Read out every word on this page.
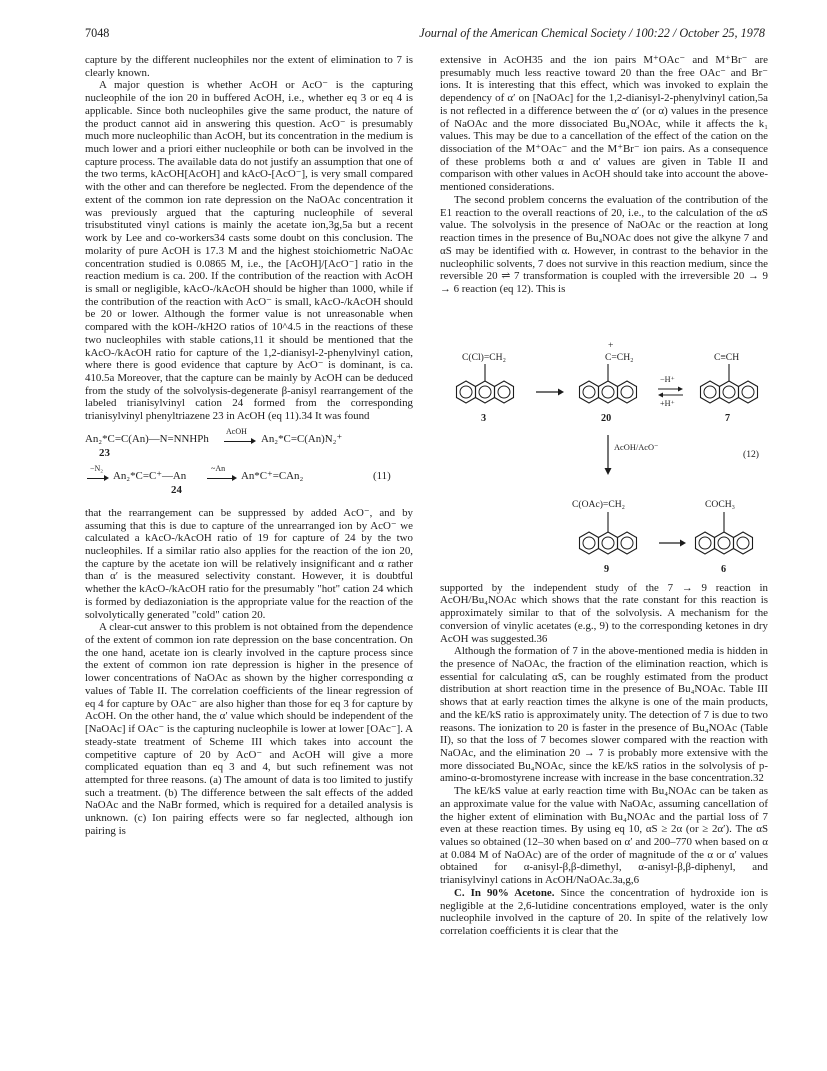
7048	Journal of the American Chemical Society / 100:22 / October 25, 1978

capture by the different nucleophiles nor the extent of elimination to 7 is clearly known.

A major question is whether AcOH or AcO⁻ is the capturing nucleophile of the ion 20 in buffered AcOH, i.e., whether eq 3 or eq 4 is applicable. Since both nucleophiles give the same product, the nature of the product cannot aid in answering this question. AcO⁻ is presumably much more nucleophilic than AcOH, but its concentration in the medium is much lower and a priori either nucleophile or both can be involved in the capture process. The available data do not justify an assumption that one of the two terms, kAcOH[AcOH] and kAcO-[AcO⁻], is very small compared with the other and can therefore be neglected. From the dependence of the extent of the common ion rate depression on the NaOAc concentration it was previously argued that the capturing nucleophile of several trisubstituted vinyl cations is mainly the acetate ion,3g,5a but a recent work by Lee and co-workers34 casts some doubt on this conclusion. The molarity of pure AcOH is 17.3 M and the highest stoichiometric NaOAc concentration studied is 0.0865 M, i.e., the [AcOH]/[AcO⁻] ratio in the reaction medium is ca. 200. If the contribution of the reaction with AcOH is small or negligible, kAcO-/kAcOH should be higher than 1000, while if the contribution of the reaction with AcO⁻ is small, kAcO-/kAcOH should be 20 or lower. Although the former value is not unreasonable when compared with the kOH-/kH2O ratios of 10^4.5 in the reactions of these two nucleophiles with stable cations,11 it should be mentioned that the kAcO-/kAcOH ratio for capture of the 1,2-dianisyl-2-phenylvinyl cation, where there is good evidence that capture by AcO⁻ is dominant, is ca. 410.5a Moreover, that the capture can be mainly by AcOH can be deduced from the study of the solvolysis-degenerate β-anisyl rearrangement of the labeled trianisylvinyl cation 24 formed from the corresponding trianisylvinyl phenyltriazene 23 in AcOH (eq 11).34 It was found

An₂*C=C(An)—N=NNHPh
AcOH
An₂*C=C(An)N₂⁺
23
−N₂
An₂*C=C⁺—An
~An
An*C⁺=CAn₂	(11)
24

that the rearrangement can be suppressed by added AcO⁻, and by assuming that this is due to capture of the unrearranged ion by AcO⁻ we calculated a kAcO-/kAcOH ratio of 19 for capture of 24 by the two nucleophiles. If a similar ratio also applies for the reaction of the ion 20, the capture by the acetate ion will be relatively insignificant and α rather than α′ is the measured selectivity constant. However, it is doubtful whether the kAcO-/kAcOH ratio for the presumably "hot" cation 24 which is formed by dediazoniation is the appropriate value for the reaction of the solvolytically generated "cold" cation 20.

A clear-cut answer to this problem is not obtained from the dependence of the extent of common ion rate depression on the base concentration. On the one hand, acetate ion is clearly involved in the capture process since the extent of common ion rate depression is higher in the presence of lower concentrations of NaOAc as shown by the higher corresponding α values of Table II. The correlation coefficients of the linear regression of eq 4 for capture by OAc⁻ are also higher than those for eq 3 for capture by AcOH. On the other hand, the α′ value which should be independent of the [NaOAc] if OAc⁻ is the capturing nucleophile is lower at lower [OAc⁻]. A steady-state treatment of Scheme III which takes into account the competitive capture of 20 by AcO⁻ and AcOH will give a more complicated equation than eq 3 and 4, but such refinement was not attempted for three reasons. (a) The amount of data is too limited to justify such a treatment. (b) The difference between the salt effects of the added NaOAc and the NaBr formed, which is required for a detailed analysis is unknown. (c) Ion pairing effects were so far neglected, although ion pairing is

extensive in AcOH35 and the ion pairs M⁺OAc⁻ and M⁺Br⁻ are presumably much less reactive toward 20 than the free OAc⁻ and Br⁻ ions. It is interesting that this effect, which was invoked to explain the dependency of α′ on [NaOAc] for the 1,2-dianisyl-2-phenylvinyl cation,5a is not reflected in a difference between the α′ (or α) values in the presence of NaOAc and the more dissociated Bu₄NOAc, while it affects the k₁ values. This may be due to a cancellation of the effect of the cation on the dissociation of the M⁺OAc⁻ and the M⁺Br⁻ ion pairs. As a consequence of these problems both α and α′ values are given in Table II and comparison with other values in AcOH should take into account the above-mentioned considerations.

The second problem concerns the evaluation of the contribution of the E1 reaction to the overall reactions of 20, i.e., to the calculation of the αS value. The solvolysis in the presence of NaOAc or the reaction at long reaction times in the presence of Bu₄NOAc does not give the alkyne 7 and αS may be identified with α. However, in contrast to the behavior in the nucleophilic solvents, 7 does not survive in this reaction medium, since the reversible 20 ⇌ 7 transformation is coupled with the irreversible 20 → 9 → 6 reaction (eq 12). This is

C(Cl)=CH₂
+
C=CH₂	C≡CH
−H⁺
+H⁺
3	20	7
AcOH/AcO⁻
(12)
C(OAc)=CH₂	COCH₃
9	6

supported by the independent study of the 7 → 9 reaction in AcOH/Bu₄NOAc which shows that the rate constant for this reaction is approximately similar to that of the solvolysis. A mechanism for the conversion of vinylic acetates (e.g., 9) to the corresponding ketones in dry AcOH was suggested.36

Although the formation of 7 in the above-mentioned media is hidden in the presence of NaOAc, the fraction of the elimination reaction, which is essential for calculating αS, can be roughly estimated from the product distribution at short reaction time in the presence of Bu₄NOAc. Table III shows that at early reaction times the alkyne is one of the main products, and the kE/kS ratio is approximately unity. The detection of 7 is due to two reasons. The ionization to 20 is faster in the presence of Bu₄NOAc (Table II), so that the loss of 7 becomes slower compared with the reaction with NaOAc, and the elimination 20 → 7 is probably more extensive with the more dissociated Bu₄NOAc, since the kE/kS ratios in the solvolysis of p-amino-α-bromostyrene increase with increase in the base concentration.32

The kE/kS value at early reaction time with Bu₄NOAc can be taken as an approximate value for the value with NaOAc, assuming cancellation of the higher extent of elimination with Bu₄NOAc and the partial loss of 7 even at these reaction times. By using eq 10, αS ≥ 2α (or ≥ 2α′). The αS values so obtained (12–30 when based on α′ and 200–770 when based on α at 0.084 M of NaOAc) are of the order of magnitude of the α or α′ values obtained for α-anisyl-β,β-dimethyl, α-anisyl-β,β-diphenyl, and trianisylvinyl cations in AcOH/NaOAc.3a,g,6

C. In 90% Acetone. Since the concentration of hydroxide ion is negligible at the 2,6-lutidine concentrations employed, water is the only nucleophile involved in the capture of 20. In spite of the relatively low correlation coefficients it is clear that the
